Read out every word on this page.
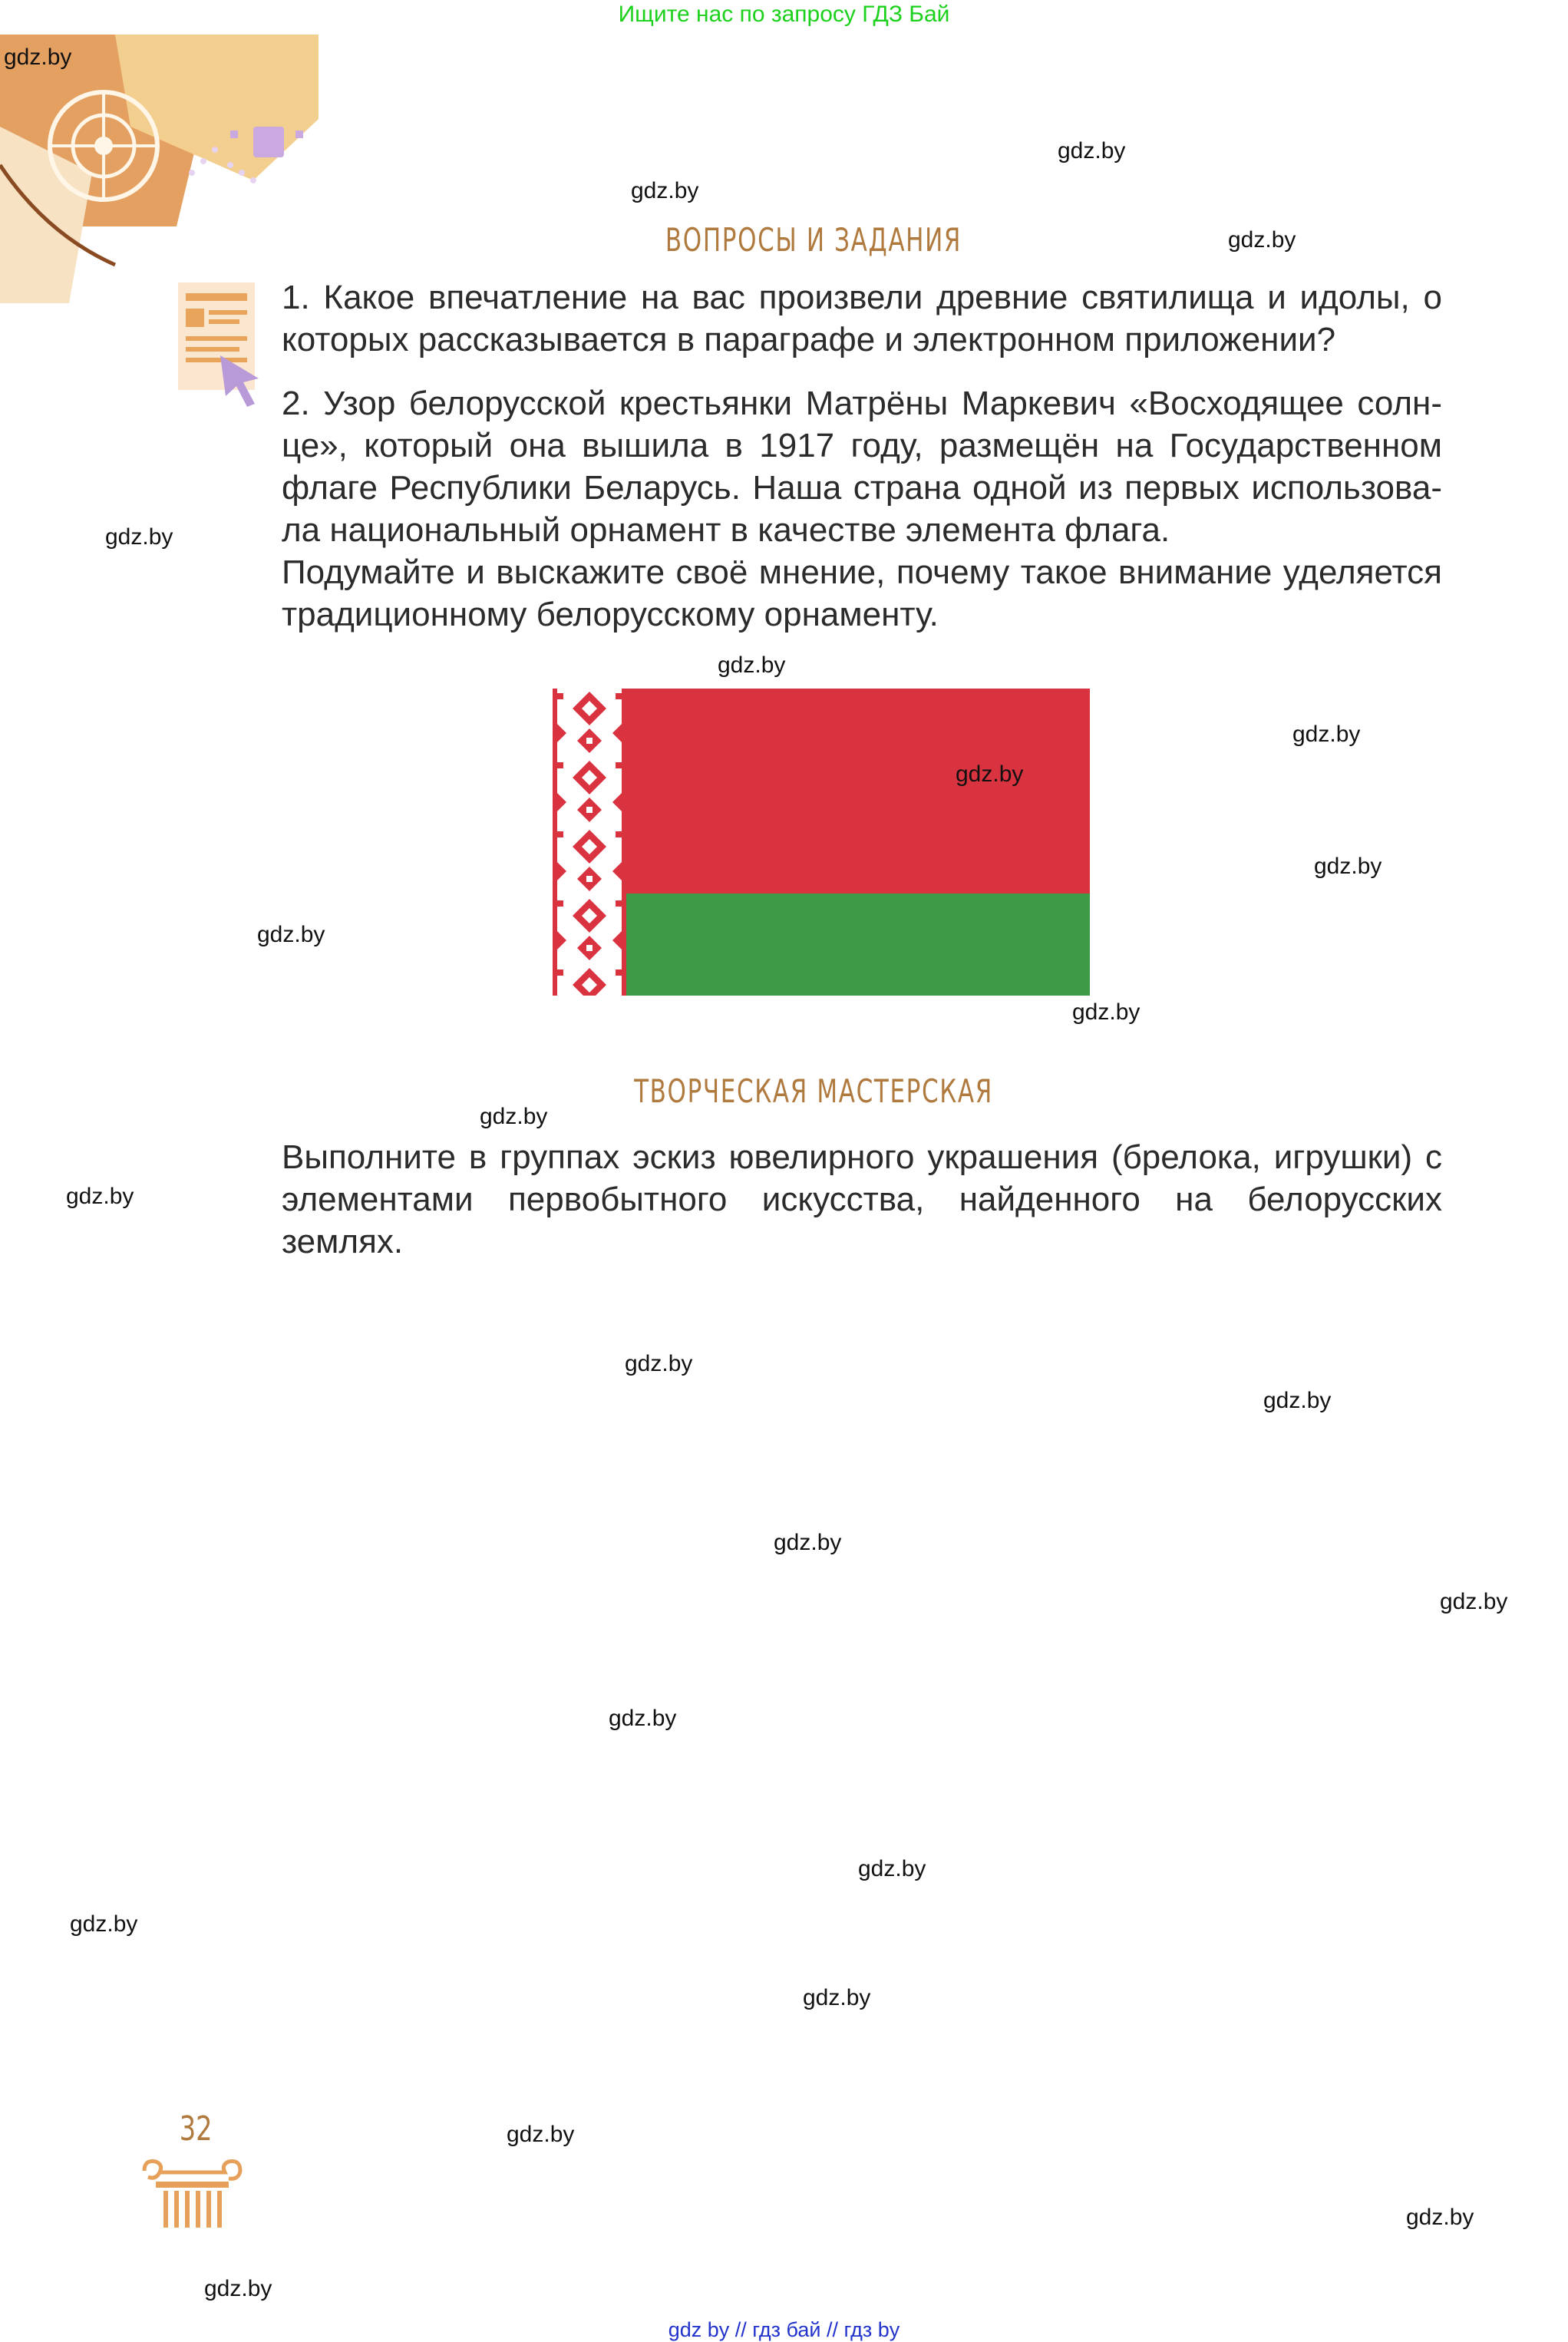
Ищите нас по запросу ГДЗ Бай
ВОПРОСЫ И ЗАДАНИЯ

1. Какое впечатление на вас произвели древние святилища и идолы, о которых рассказывается в параграфе и электронном приложении?

2. Узор белорусской крестьянки Матрёны Маркевич «Восходящее солн-
це», который она вышила в 1917 году, размещён на Государственном
флаге Республики Беларусь. Наша страна одной из первых использова-
ла национальный орнамент в качестве элемента флага.

Подумайте и выскажите своё мнение, почему такое внимание уделяется традиционному белорусскому орнаменту.

ТВОРЧЕСКАЯ МАСТЕРСКАЯ

Выполните в группах эскиз ювелирного украшения (брелока, игрушки) с элементами первобытного искусства, найденного на белорусских землях.

32
gdz.by
gdz.by
gdz.by
gdz.by
gdz.by
gdz.by
gdz.by
gdz.by
gdz.by
gdz.by
gdz.by
gdz.by
gdz.by
gdz.by
gdz.by
gdz.by
gdz.by
gdz.by
gdz.by
gdz.by
gdz.by
gdz.by
gdz.by
gdz.by
gdz by // гдз бай // гдз by
